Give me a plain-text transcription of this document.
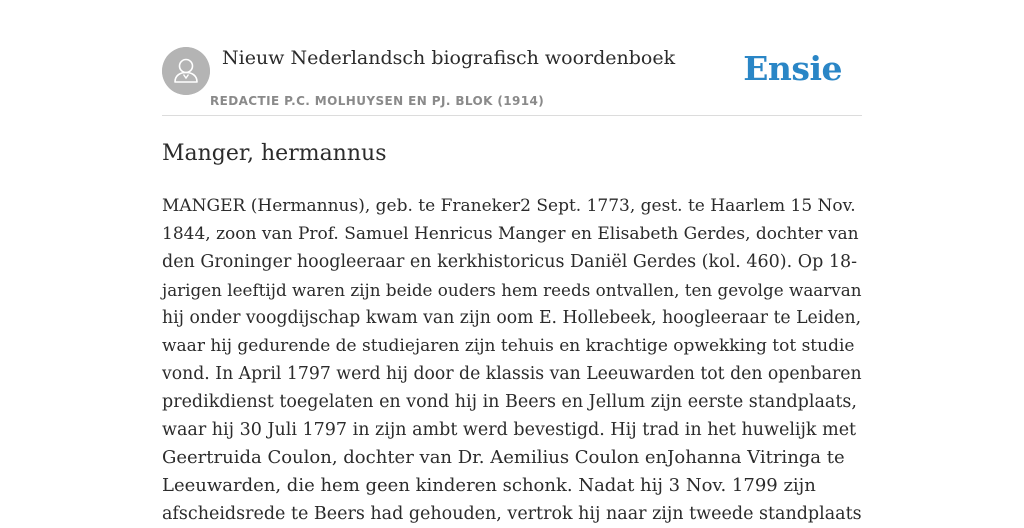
Nieuw Nederlandsch biografisch woordenboek
REDACTIE P.C. MOLHUYSEN EN PJ. BLOK (1914)
Ensie
Manger, hermannus

MANGER (Hermannus), geb. te Franeker2 Sept. 1773, gest. te Haarlem 15 Nov.
1844, zoon van Prof. Samuel Henricus Manger en Elisabeth Gerdes, dochter van
den Groninger hoogleeraar en kerkhistoricus Daniël Gerdes (kol. 460). Op 18-
jarigen leeftijd waren zijn beide ouders hem reeds ontvallen, ten gevolge waarvan
hij onder voogdijschap kwam van zijn oom E. Hollebeek, hoogleeraar te Leiden,
waar hij gedurende de studiejaren zijn tehuis en krachtige opwekking tot studie
vond. In April 1797 werd hij door de klassis van Leeuwarden tot den openbaren
predikdienst toegelaten en vond hij in Beers en Jellum zijn eerste standplaats,
waar hij 30 Juli 1797 in zijn ambt werd bevestigd. Hij trad in het huwelijk met
Geertruida Coulon, dochter van Dr. Aemilius Coulon enJohanna Vitringa te
Leeuwarden, die hem geen kinderen schonk. Nadat hij 3 Nov. 1799 zijn
afscheidsrede te Beers had gehouden, vertrok hij naar zijn tweede standplaats
